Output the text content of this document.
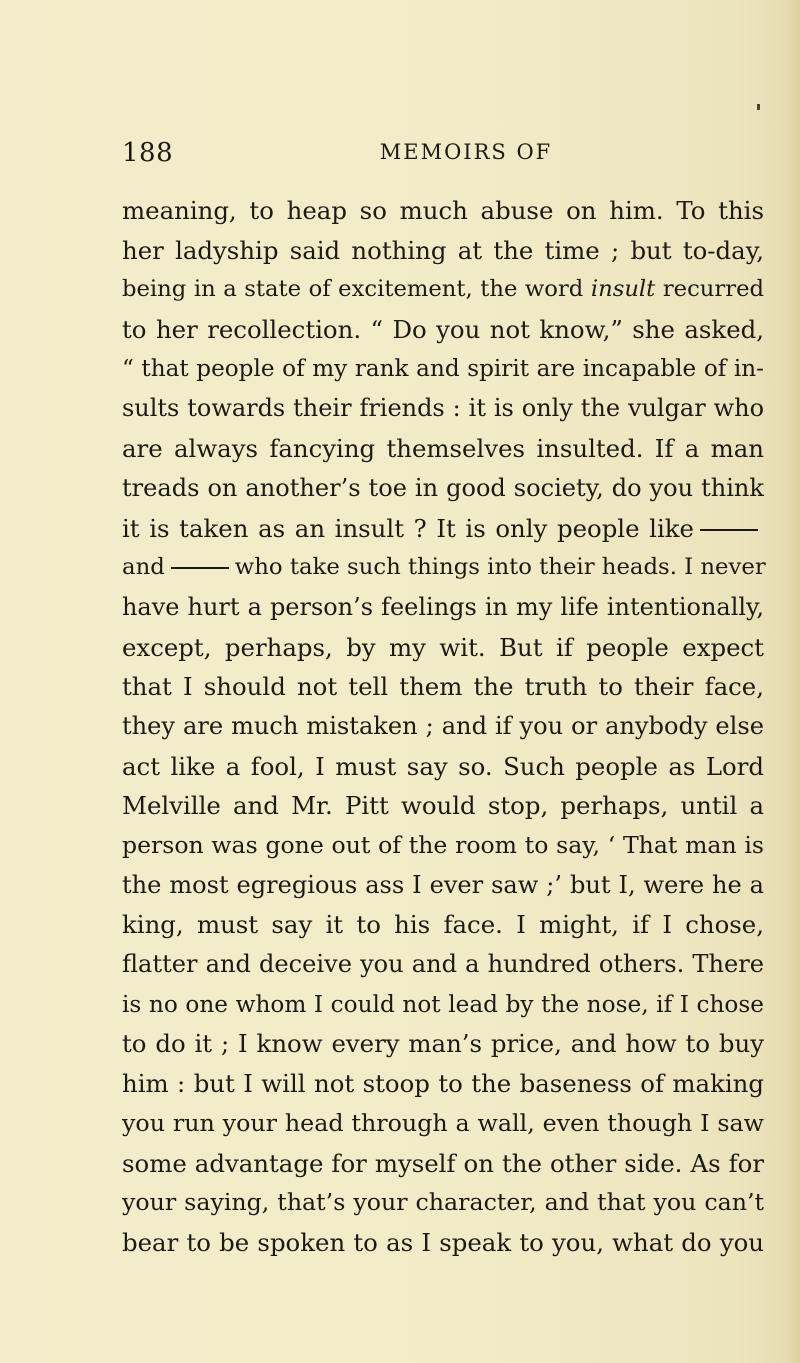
188	MEMOIRS OF
meaning, to heap so much abuse on him. To this
her ladyship said nothing at the time ; but to-day,
being in a state of excitement, the word insult recurred
to her recollection. “ Do you not know,” she asked,
“ that people of my rank and spirit are incapable of in-
sults towards their friends : it is only the vulgar who
are always fancying themselves insulted. If a man
treads on another’s toe in good society, do you think
it is taken as an insult ? It is only people like
and	who take such things into their heads. I never
have hurt a person’s feelings in my life intentionally,
except, perhaps, by my wit. But if people expect
that I should not tell them the truth to their face,
they are much mistaken ; and if you or anybody else
act like a fool, I must say so. Such people as Lord
Melville and Mr. Pitt would stop, perhaps, until a
person was gone out of the room to say, ‘ That man is
the most egregious ass I ever saw ;’ but I, were he a
king, must say it to his face. I might, if I chose,
flatter and deceive you and a hundred others. There
is no one whom I could not lead by the nose, if I chose
to do it ; I know every man’s price, and how to buy
him : but I will not stoop to the baseness of making
you run your head through a wall, even though I saw
some advantage for myself on the other side. As for
your saying, that’s your character, and that you can’t
bear to be spoken to as I speak to you, what do you
